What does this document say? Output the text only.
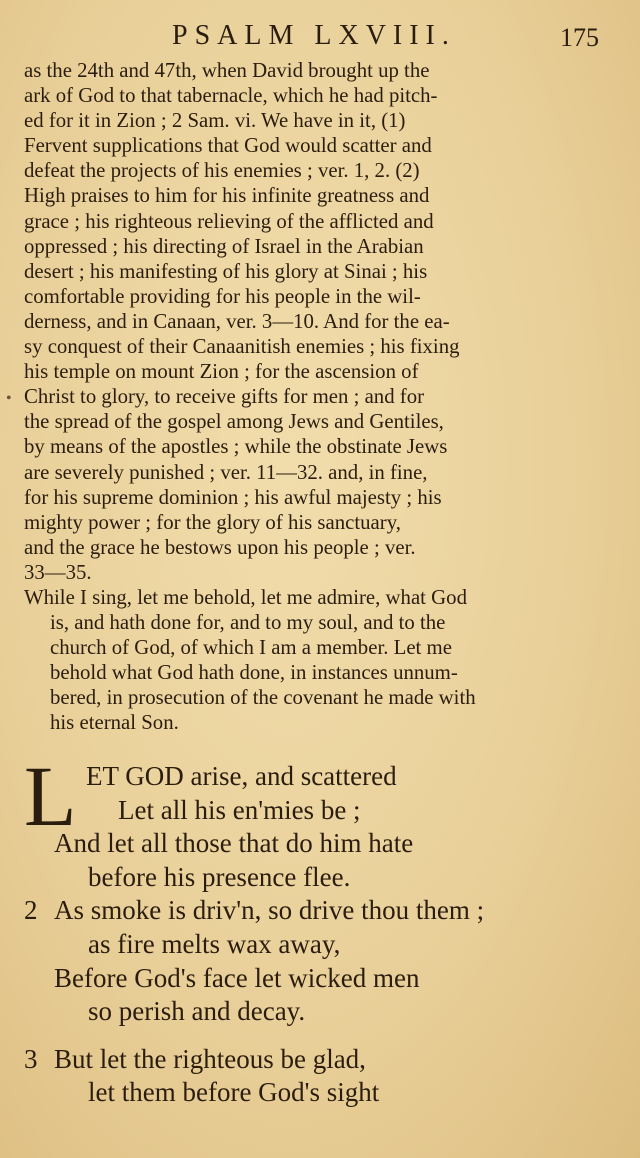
PSALM LXVIII.	175
•
as the 24th and 47th, when David brought up the
ark of God to that tabernacle, which he had pitch-
ed for it in Zion ; 2 Sam. vi. We have in it, (1)
Fervent supplications that God would scatter and
defeat the projects of his enemies ; ver. 1, 2. (2)
High praises to him for his infinite greatness and
grace ; his righteous relieving of the afflicted and
oppressed ; his directing of Israel in the Arabian
desert ; his manifesting of his glory at Sinai ; his
comfortable providing for his people in the wil-
derness, and in Canaan, ver. 3—10. And for the ea-
sy conquest of their Canaanitish enemies ; his fixing
his temple on mount Zion ; for the ascension of
Christ to glory, to receive gifts for men ; and for
the spread of the gospel among Jews and Gentiles,
by means of the apostles ; while the obstinate Jews
are severely punished ; ver. 11—32. and, in fine,
for his supreme dominion ; his awful majesty ; his
mighty power ; for the glory of his sanctuary,
and the grace he bestows upon his people ; ver.
33—35.
While I sing, let me behold, let me admire, what God
is, and hath done for, and to my soul, and to the
church of God, of which I am a member. Let me
behold what God hath done, in instances unnum-
bered, in prosecution of the covenant he made with
his eternal Son.
L ET GOD arise, and scattered
Let all his en'mies be ;
And let all those that do him hate
before his presence flee.
2 As smoke is driv'n, so drive thou them ;
as fire melts wax away,
Before God's face let wicked men
so perish and decay.
3 But let the righteous be glad,
let them before God's sight
